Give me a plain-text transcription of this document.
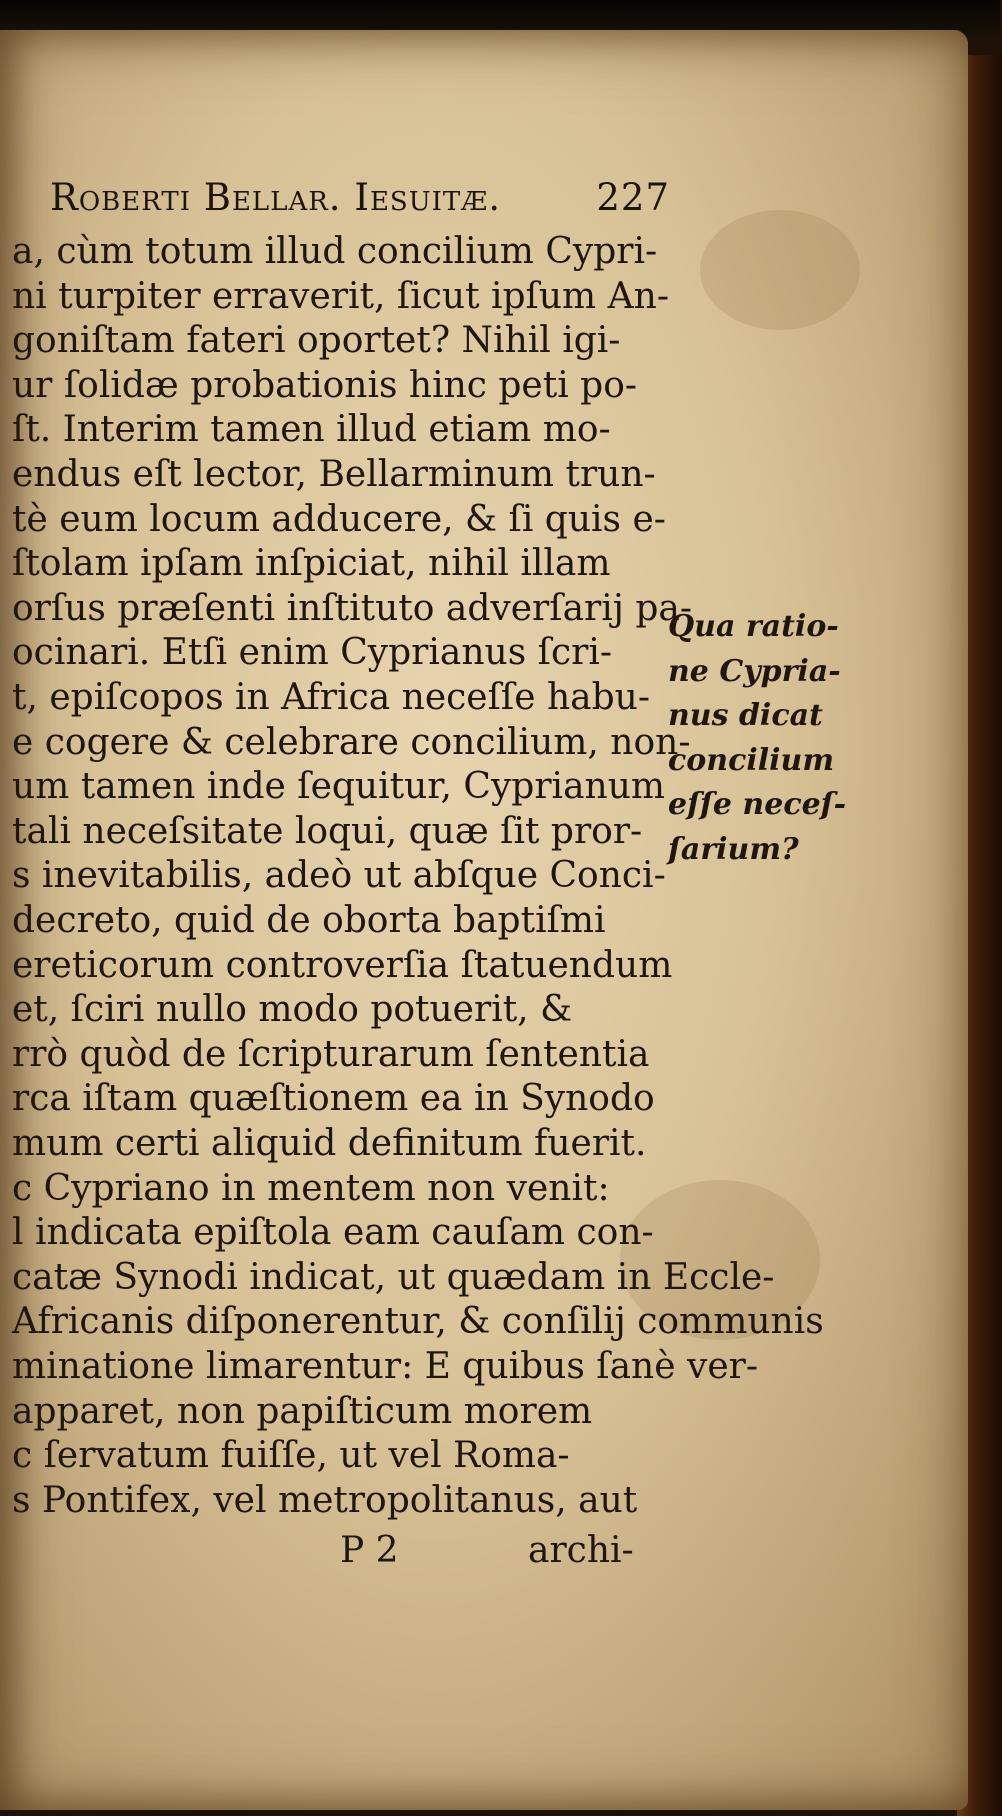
Roberti Bellar. Iesuitæ.	227
a, cùm totum illud concilium Cypri-
ni turpiter erraverit, ſicut ipſum An-
goniſtam fateri oportet? Nihil igi-
ur ſolidæ probationis hinc peti po-
ſt. Interim tamen illud etiam mo-
endus eſt lector, Bellarminum trun-
tè eum locum adducere, & ſi quis e-
ſtolam ipſam inſpiciat, nihil illam
orſus præſenti inſtituto adverſarij pa-
ocinari. Etſi enim Cyprianus ſcri-
t, epiſcopos in Africa neceſſe habu-
e cogere & celebrare concilium, non-
um tamen inde ſequitur, Cyprianum
tali neceſsitate loqui, quæ ſit pror-
s inevitabilis, adeò ut abſque Conci-
decreto, quid de oborta baptiſmi
ereticorum controverſia ſtatuendum
et, ſciri nullo modo potuerit, &
rrò quòd de ſcripturarum ſententia
rca iſtam quæſtionem ea in Synodo
mum certi aliquid definitum fuerit.
c Cypriano in mentem non venit:
l indicata epiſtola eam cauſam con-
catæ Synodi indicat, ut quædam in Eccle-
Africanis diſponerentur, & conſilij communis
minatione limarentur: E quibus ſanè ver-
apparet, non papiſticum morem
c ſervatum fuiſſe, ut vel Roma-
s Pontifex, vel metropolitanus, aut
Qua ratio-
ne Cypria-
nus dicat
concilium
eſſe neceſ-
ſarium?
P 2	archi-
